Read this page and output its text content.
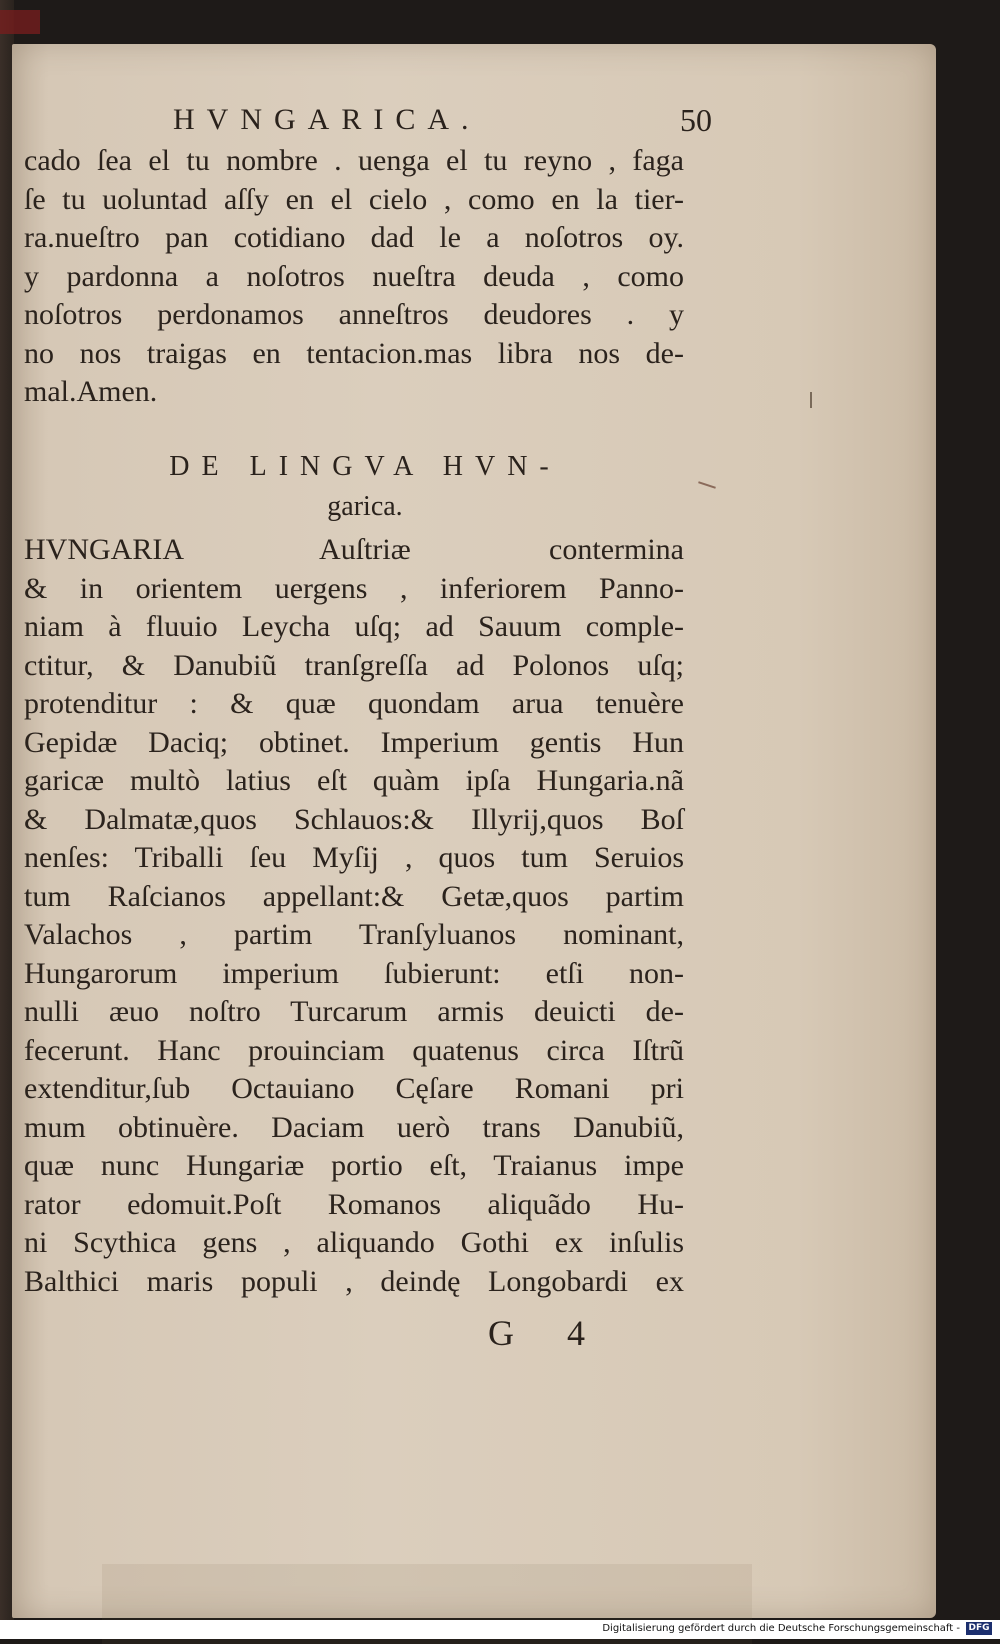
HVNGARICA.	50
cado ſea el tu nombre . uenga el tu reyno , faga
ſe tu uoluntad aſſy en el cielo , como en la tier-
ra.nueſtro pan cotidiano dad le a noſotros oy.
y pardonna a noſotros nueſtra deuda , como
noſotros perdonamos anneſtros deudores . y
no nos traigas en tentacion.mas libra nos de-
mal.Amen.
DE LINGVA HVN-
garica.
HVNGARIA Auſtriæ contermina
& in orientem uergens , inferiorem Panno-
niam à fluuio Leycha uſq; ad Sauum comple-
ctitur, & Danubiũ tranſgreſſa ad Polonos uſq;
protenditur : & quæ quondam arua tenuère
Gepidæ Daciq; obtinet. Imperium gentis Hun
garicæ multò latius eſt quàm ipſa Hungaria.nã
& Dalmatæ,quos Schlauos:& Illyrij,quos Boſ
nenſes: Triballi ſeu Myſij , quos tum Seruios
tum Raſcianos appellant:& Getæ,quos partim
Valachos , partim Tranſyluanos nominant,
Hungarorum imperium ſubierunt: etſi non-
nulli æuo noſtro Turcarum armis deuicti de-
fecerunt. Hanc prouinciam quatenus circa Iſtrũ
extenditur,ſub Octauiano Cęſare Romani pri
mum obtinuère. Daciam uerò trans Danubiũ,
quæ nunc Hungariæ portio eſt, Traianus impe
rator edomuit.Poſt Romanos aliquãdo Hu-
ni Scythica gens , aliquando Gothi ex inſulis
Balthici maris populi , deindę Longobardi ex
G 4
Digitalisierung gefördert durch die Deutsche Forschungsgemeinschaft - DFG
